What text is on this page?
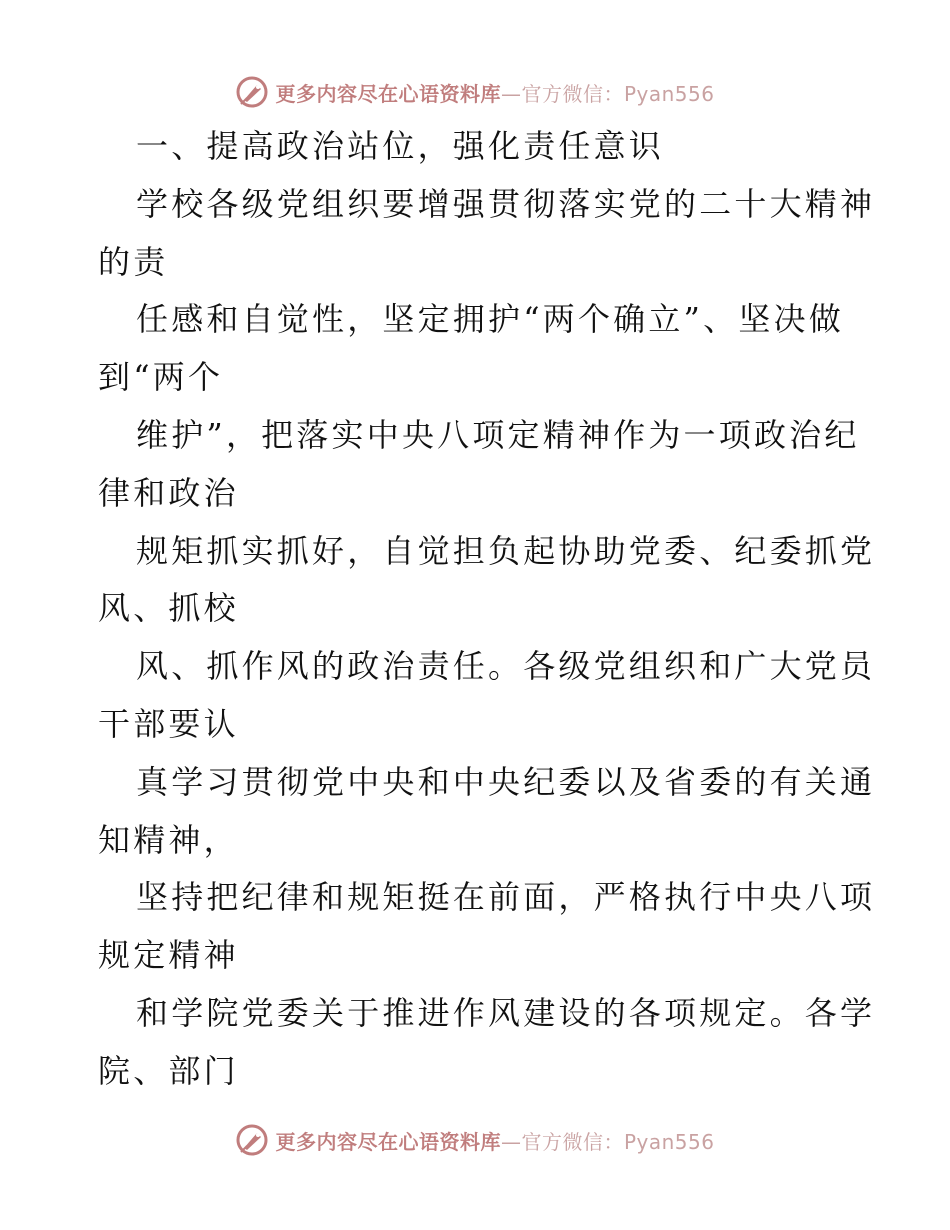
更多内容尽在心语资料库—官方微信：Pyan556
一、提高政治站位，强化责任意识
学校各级党组织要增强贯彻落实党的二十大精神
的责
任感和自觉性，坚定拥护“两个确立”、坚决做
到“两个
维护”，把落实中央八项定精神作为一项政治纪
律和政治
规矩抓实抓好，自觉担负起协助党委、纪委抓党
风、抓校
风、抓作风的政治责任。各级党组织和广大党员
干部要认
真学习贯彻党中央和中央纪委以及省委的有关通
知精神，
坚持把纪律和规矩挺在前面，严格执行中央八项
规定精神
和学院党委关于推进作风建设的各项规定。各学
院、部门
更多内容尽在心语资料库—官方微信：Pyan556
